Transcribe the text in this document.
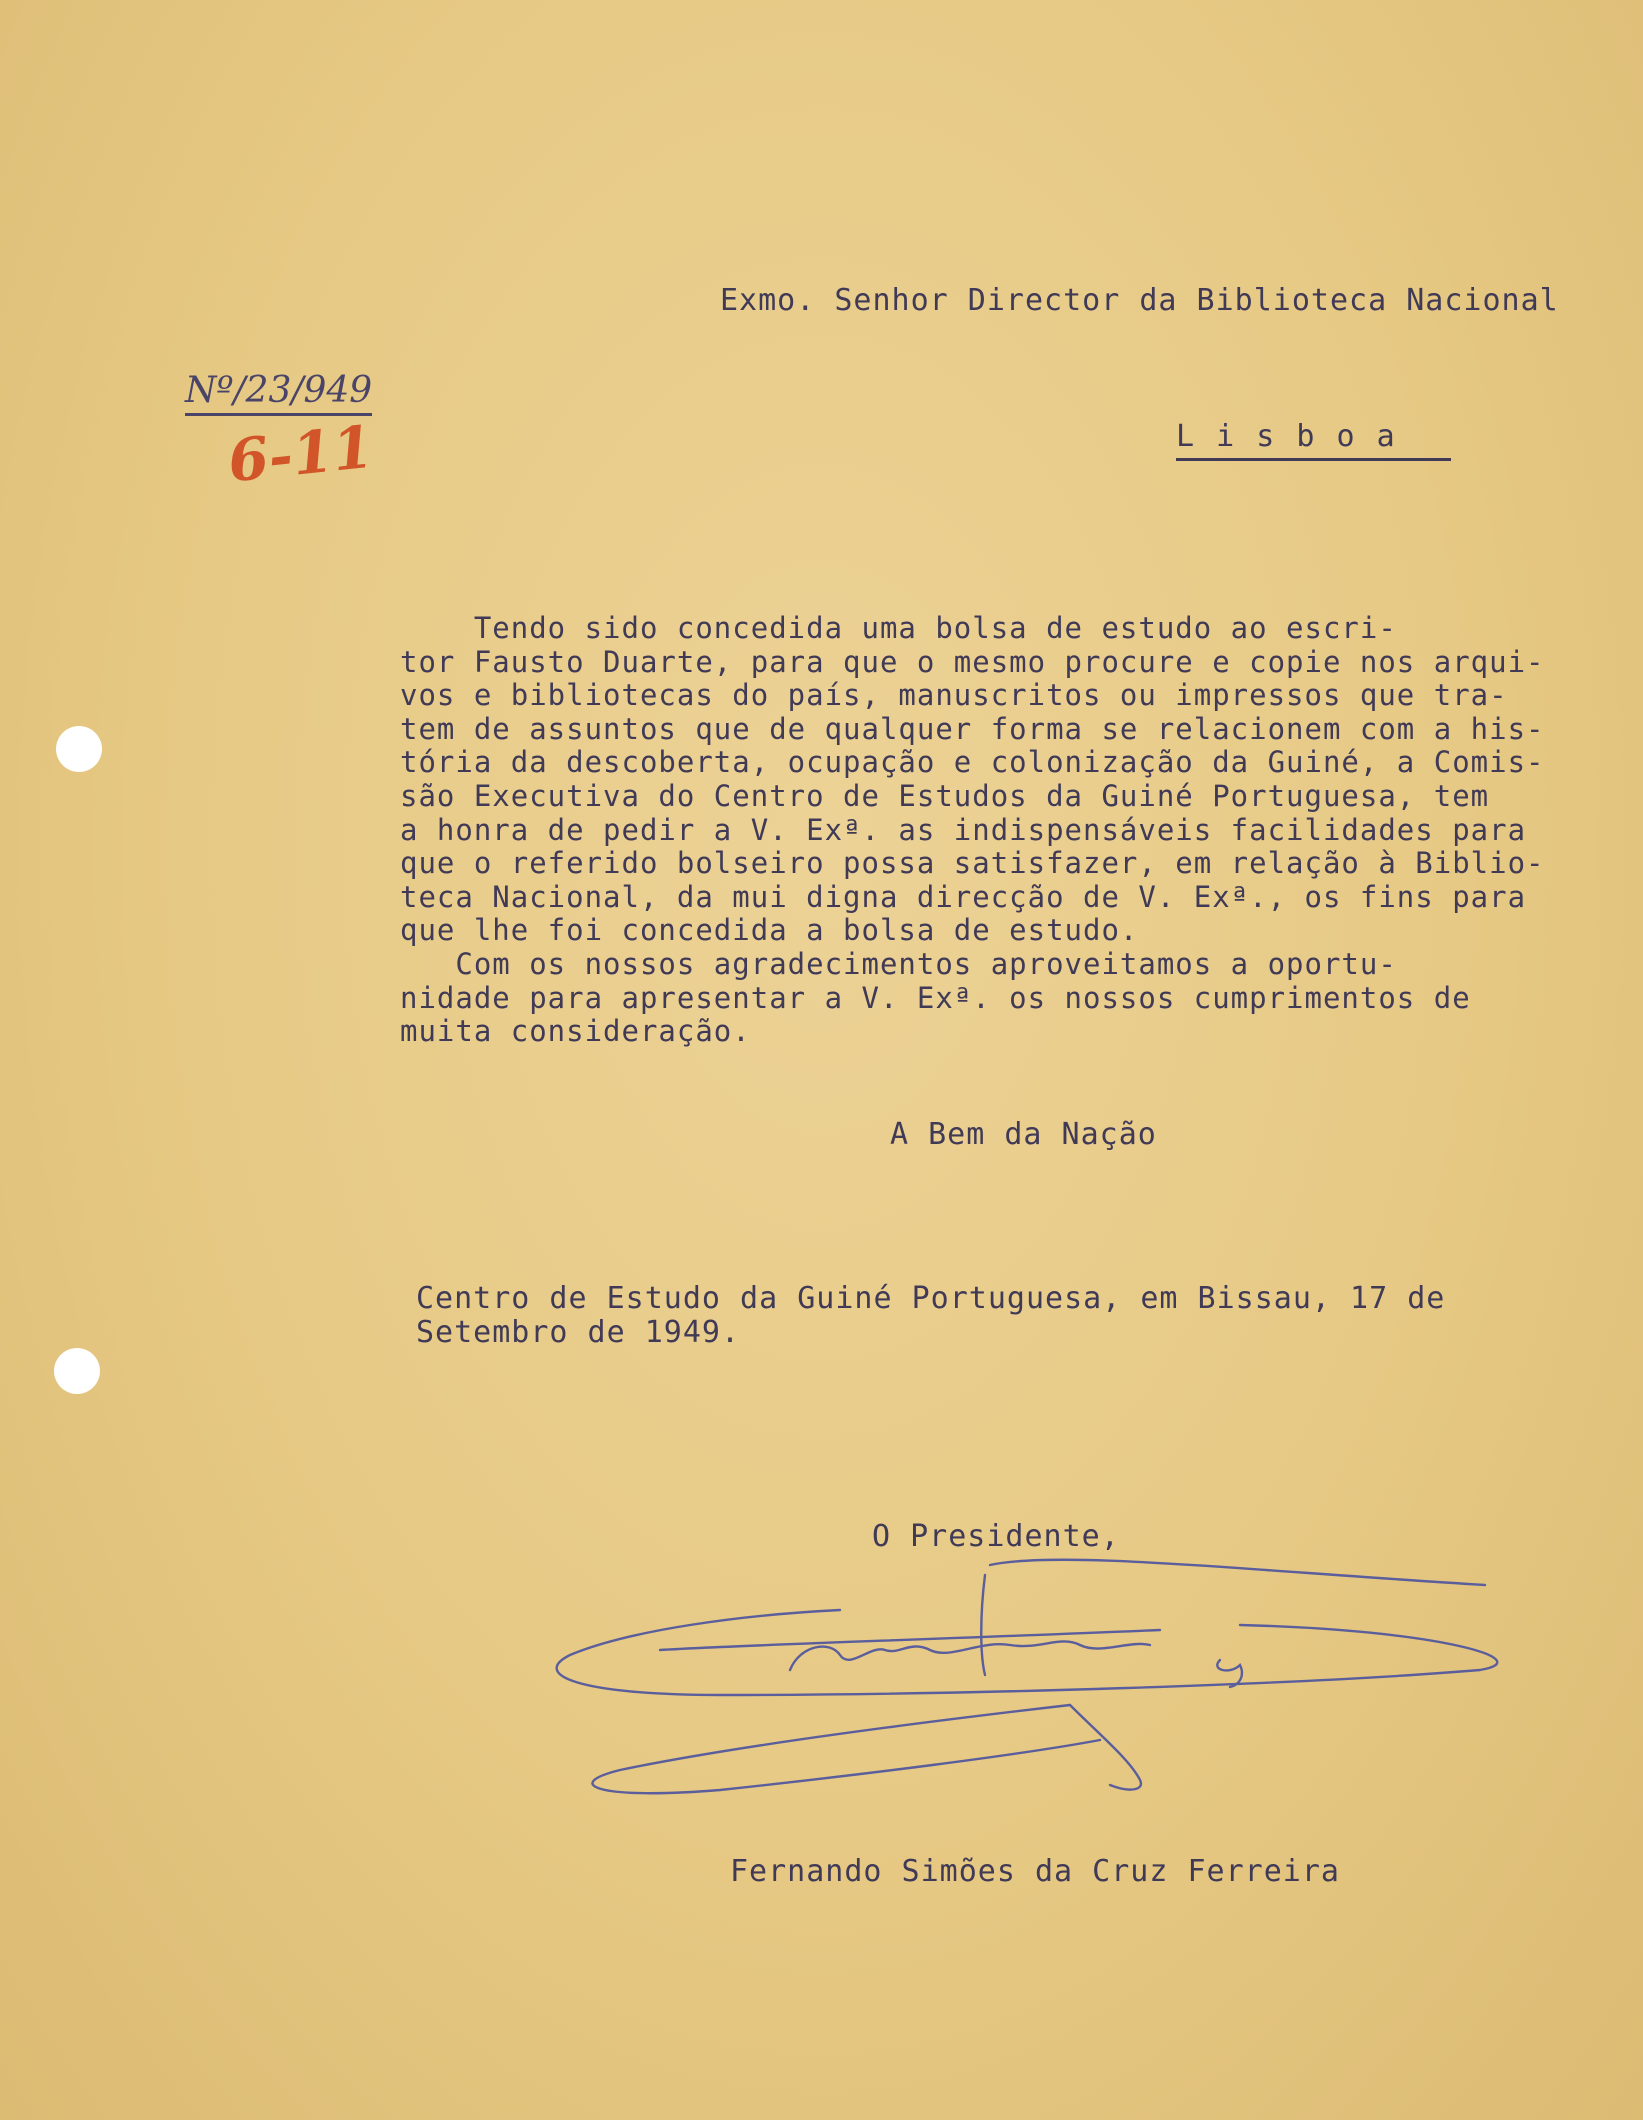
Exmo. Senhor Director da Biblioteca Nacional
Nº/23/949
6-11	L i s b o a
Tendo sido concedida uma bolsa de estudo ao escri-
tor Fausto Duarte, para que o mesmo procure e copie nos arqui-
vos e bibliotecas do país, manuscritos ou impressos que tra-
tem de assuntos que de qualquer forma se relacionem com a his-
tória da descoberta, ocupação e colonização da Guiné, a Comis-
são Executiva do Centro de Estudos da Guiné Portuguesa, tem
a honra de pedir a V. Exª. as indispensáveis facilidades para
que o referido bolseiro possa satisfazer, em relação à Biblio-
teca Nacional, da mui digna direcção de V. Exª., os fins para
que lhe foi concedida a bolsa de estudo.
Com os nossos agradecimentos aproveitamos a oportu-
nidade para apresentar a V. Exª. os nossos cumprimentos de
muita consideração.
A Bem da Nação
Centro de Estudo da Guiné Portuguesa, em Bissau, 17 de
Setembro de 1949.
O Presidente,
Fernando Simões da Cruz Ferreira
